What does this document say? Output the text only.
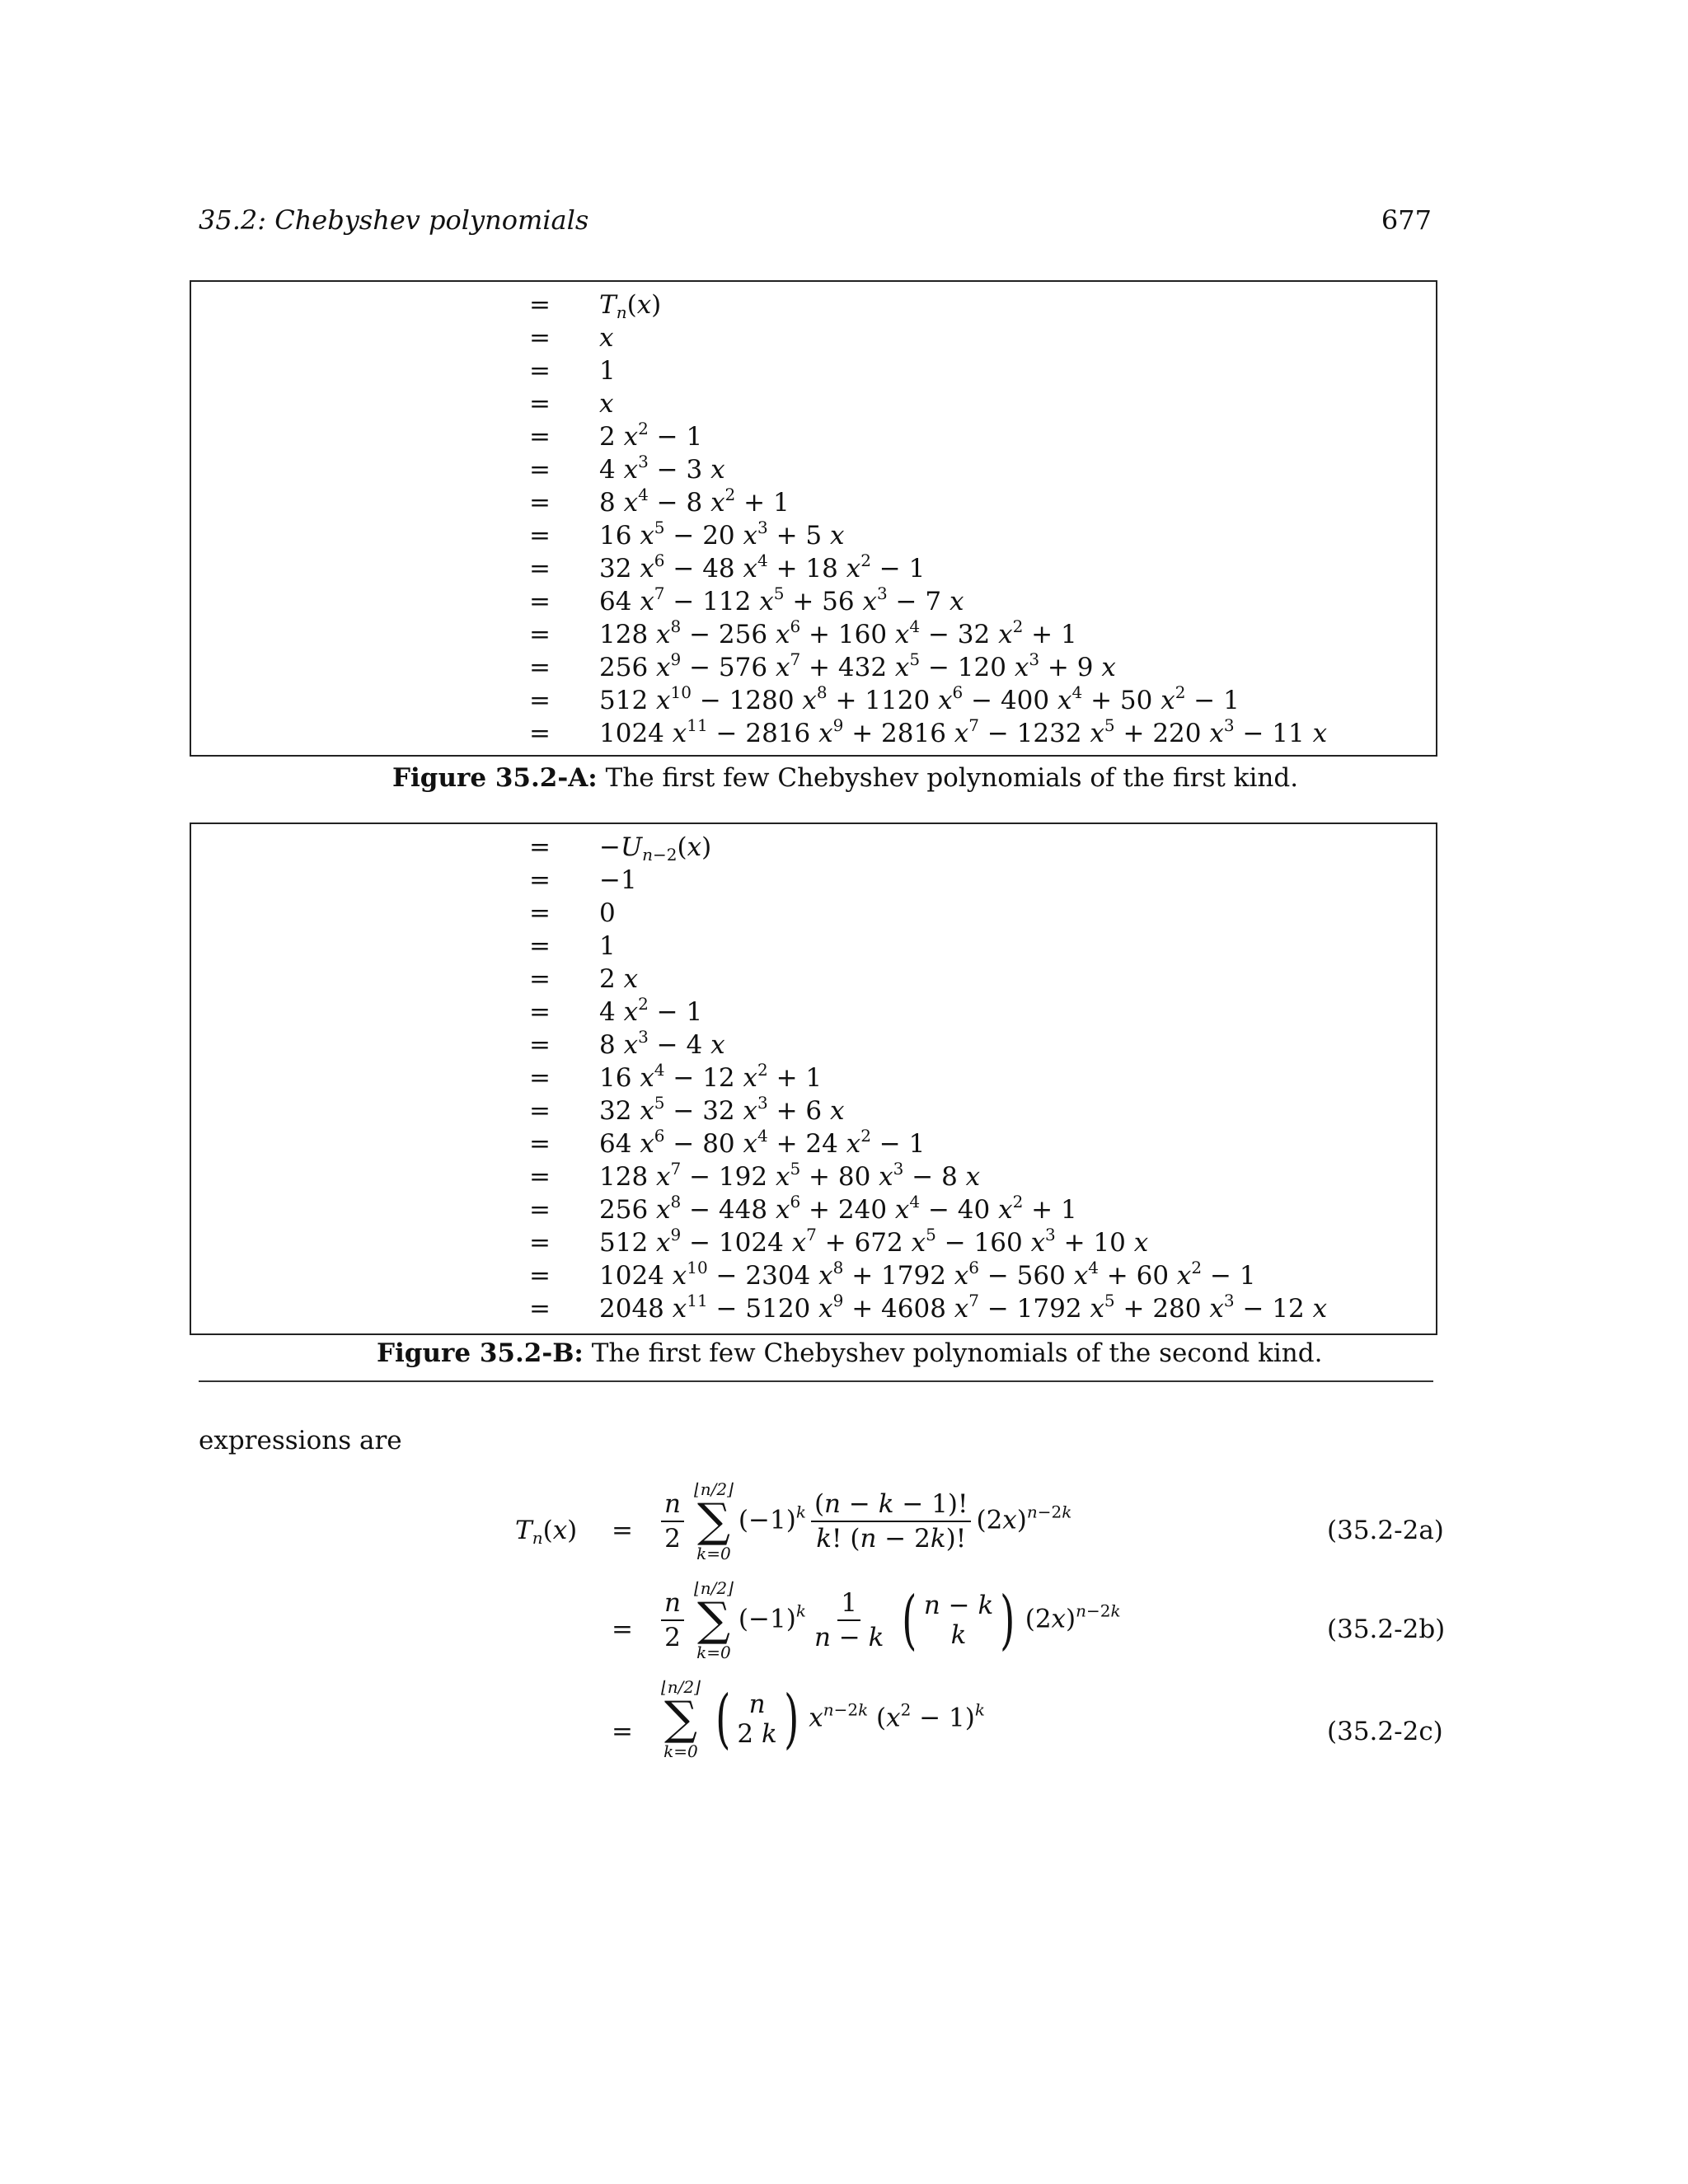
35.2: Chebyshev polynomials	677
= $T_n(x)$
= x
= 1
= x
= 2 $x^2 - 1$
= 4 $x^3 - 3$ x
= 8 $x^4 - 8$ $x^2 + 1$
= 16 $x^5 - 20$ $x^3 + 5$ x
= 32 $x^6 - 48$ $x^4 + 18$ $x^2 - 1$
= 64 $x^7 - 112$ $x^5 + 56$ $x^3 - 7$ x
= 128 $x^8 - 256$ $x^6 + 160$ $x^4 - 32$ $x^2 + 1$
= 256 $x^9 - 576$ $x^7 + 432$ $x^5 - 120$ $x^3 + 9$ x
= 512 $x^{10} - 1280$ $x^8 + 1120$ $x^6 - 400$ $x^4 + 50$ $x^2 - 1$
= 1024 $x^{11} - 2816$ $x^9 + 2816$ $x^7 - 1232$ $x^5 + 220$ $x^3 - 11$ x
Figure 35.2-A: The first few Chebyshev polynomials of the first kind.
= $-U_{n-2}(x)$
= −1
= 0
= 1
= 2 x
= 4 $x^2 - 1$
= 8 $x^3 - 4$ x
= 16 $x^4 - 12$ $x^2 + 1$
= 32 $x^5 - 32$ $x^3 + 6$ x
= 64 $x^6 - 80$ $x^4 + 24$ $x^2 - 1$
= 128 $x^7 - 192$ $x^5 + 80$ $x^3 - 8$ x
= 256 $x^8 - 448$ $x^6 + 240$ $x^4 - 40$ $x^2 + 1$
= 512 $x^9 - 1024$ $x^7 + 672$ $x^5 - 160$ $x^3 + 10$ x
= 1024 $x^{10} - 2304$ $x^8 + 1792$ $x^6 - 560$ $x^4 + 60$ $x^2 - 1$
= 2048 $x^{11} - 5120$ $x^9 + 4608$ $x^7 - 1792$ $x^5 + 280$ $x^3 - 12$ x
Figure 35.2-B: The first few Chebyshev polynomials of the second kind.
expressions are
$T_n(x) = \frac{n}{2}$ ⌊n/2⌋
∑
k=0
$(-1)^k \frac{(n - k - 1)!}{k! (n - 2k)!} (2x)^{n-2k}$
(35.2-2a)
= $\frac{n}{2}$ ⌊n/2⌋
∑
k=0
$(-1)^k \frac{1}{n - k}$ ( n − k
k ) $(2x)^{n-2k}$
(35.2-2b)
=
⌊n/2⌋
∑
k=0 ( n
2 k ) $x^{n-2k}$ $(x^2 - 1)^k$
(35.2-2c)
